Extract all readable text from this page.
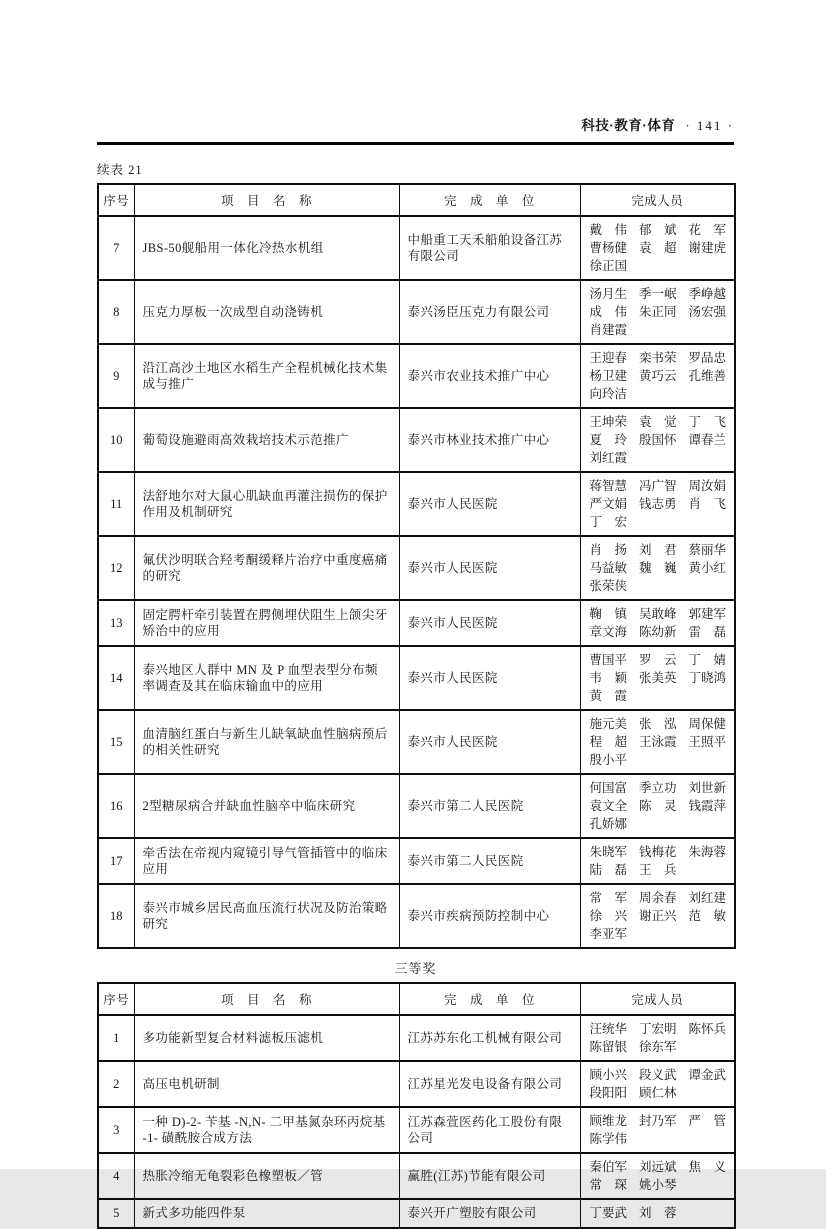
科技·教育·体育 · 141 ·
续表 21
序号	项　目　名　称	完　成　单　位	完成人员
7	JBS-50舰船用一体化冷热水机组	中船重工天禾船舶设备江苏有限公司	
戴　伟 郁　斌 花　军
曹杨健 袁　超 谢建虎
徐正国

8	压克力厚板一次成型自动浇铸机	泰兴汤臣压克力有限公司	
汤月生 季一岷 季峥越
成　伟 朱正同 汤宏强
肖建霞

9	沿江高沙土地区水稻生产全程机械化技术集成与推广	泰兴市农业技术推广中心	
王迎春 栾书荣 罗品忠
杨卫建 黄巧云 孔维善
向玲洁

10	葡萄设施避雨高效栽培技术示范推广	泰兴市林业技术推广中心	
王坤荣 袁　觉 丁　飞
夏　玲 殷国怀 谭春兰
刘红霞

11	法舒地尔对大鼠心肌缺血再灌注损伤的保护作用及机制研究	泰兴市人民医院	
蒋智慧 冯广智 周汝娟
严文娟 钱志勇 肖　飞
丁　宏

12	氟伏沙明联合羟考酮缓释片治疗中重度癌痛的研究	泰兴市人民医院	
肖　扬 刘　君 蔡丽华
马益敏 魏　巍 黄小红
张荣侠

13	固定腭杆牵引装置在腭侧埋伏阻生上颌尖牙矫治中的应用	泰兴市人民医院	
鞠　镇 吴敢峰 郭建军
章文海 陈幼新 雷　磊

14	泰兴地区人群中 MN 及 P 血型表型分布频率调查及其在临床输血中的应用	泰兴市人民医院	
曹国平 罗　云 丁　婧
韦　颖 张美英 丁晓鸿
黄　霞

15	血清脑红蛋白与新生儿缺氧缺血性脑病预后的相关性研究	泰兴市人民医院	
施元美 张　泓 周保健
程　超 王泳霞 王照平
殷小平

16	2型糖尿病合并缺血性脑卒中临床研究	泰兴市第二人民医院	
何国富 季立功 刘世新
袁文全 陈　灵 钱霞萍
孔娇娜

17	牵舌法在帝视内窥镜引导气管插管中的临床应用	泰兴市第二人民医院	朱晓军 钱梅花 朱海蓉
陆　磊 王　兵

18	泰兴市城乡居民高血压流行状况及防治策略研究	泰兴市疾病预防控制中心	
常　军 周余春 刘红建
徐　兴 谢正兴 范　敏
李亚军
三等奖
序号	项　目　名　称	完　成　单　位	完成人员
1	多功能新型复合材料滤板压滤机	江苏苏东化工机械有限公司	汪统华 丁宏明 陈怀兵
陈留银 徐东军

2	高压电机研制	江苏星光发电设备有限公司	顾小兴 段义武 谭金武
段阳阳 顾仁林

3	一种 D)-2- 苄基 -N,N- 二甲基氮杂环丙烷基 -1- 磺酰胺合成方法	江苏森萱医药化工股份有限公司	顾维龙 封乃军 严　管
陈学伟

4	热胀冷缩无龟裂彩色橡塑板／管	赢胜(江苏)节能有限公司	秦伯军 刘远斌 焦　义
常　琛 姚小琴

5	新式多功能四件泵	泰兴开广塑胶有限公司	丁要武 刘　蓉
